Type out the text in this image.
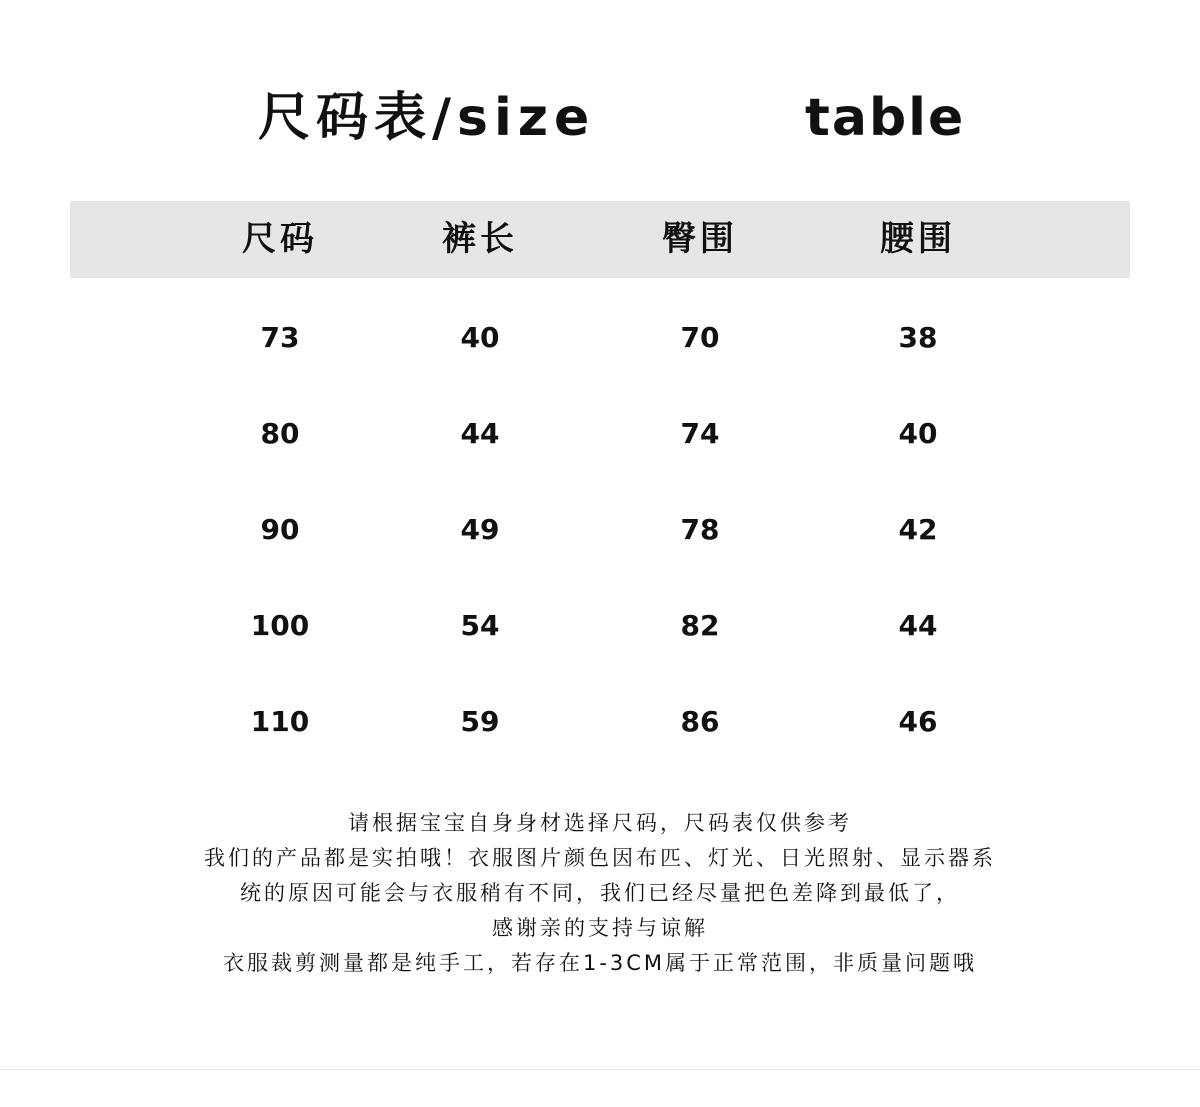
尺码表/size	table
尺码	裤长	臀围	腰围
73	40	70	38
80	44	74	40
90	49	78	42
100	54	82	44
110	59	86	46
请根据宝宝自身身材选择尺码，尺码表仅供参考
我们的产品都是实拍哦！衣服图片颜色因布匹、灯光、日光照射、显示器系
统的原因可能会与衣服稍有不同，我们已经尽量把色差降到最低了，
感谢亲的支持与谅解
衣服裁剪测量都是纯手工，若存在1-3CM属于正常范围，非质量问题哦
